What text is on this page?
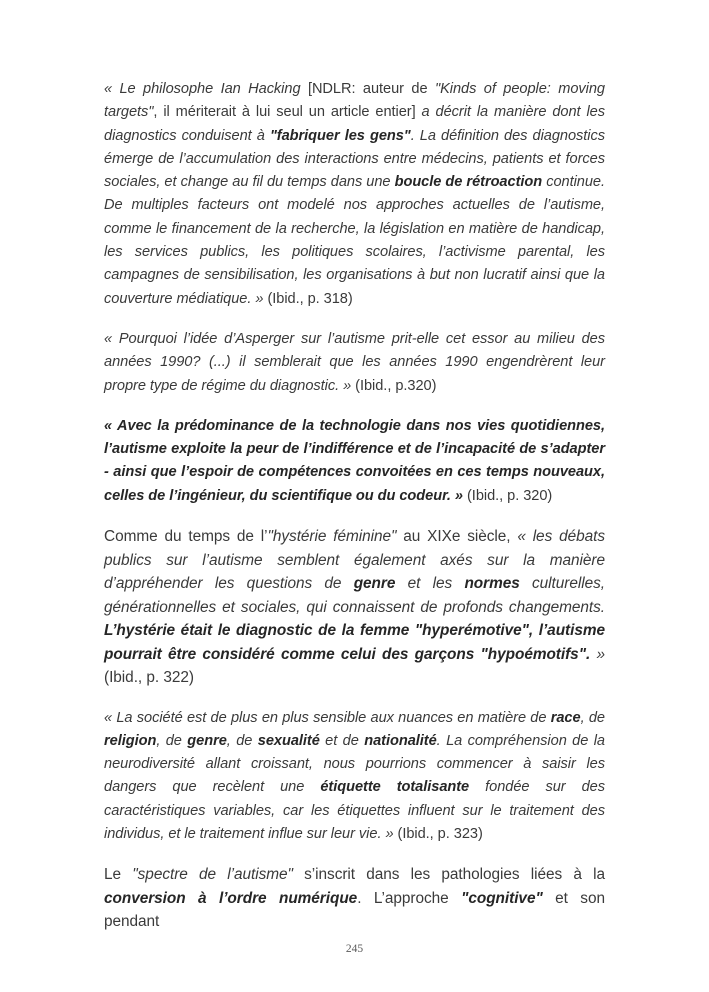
« Le philosophe Ian Hacking [NDLR: auteur de "Kinds of people: moving targets", il mériterait à lui seul un article entier] a décrit la manière dont les diagnostics conduisent à "fabriquer les gens". La définition des diagnostics émerge de l’accumulation des interactions entre médecins, patients et forces sociales, et change au fil du temps dans une boucle de rétroaction continue. De multiples facteurs ont modelé nos approches actuelles de l’autisme, comme le financement de la recherche, la législation en matière de handicap, les services publics, les politiques scolaires, l’activisme parental, les campagnes de sensibilisation, les organisations à but non lucratif ainsi que la couverture médiatique. » (Ibid., p. 318)

« Pourquoi l’idée d’Asperger sur l’autisme prit-elle cet essor au milieu des années 1990? (...) il semblerait que les années 1990 engendrèrent leur propre type de régime du diagnostic. » (Ibid., p.320)

« Avec la prédominance de la technologie dans nos vies quotidiennes, l’autisme exploite la peur de l’indifférence et de l’incapacité de s’adapter - ainsi que l’espoir de compétences convoitées en ces temps nouveaux, celles de l’ingénieur, du scientifique ou du codeur. » (Ibid., p. 320)

Comme du temps de l’"hystérie féminine" au XIXe siècle, « les débats publics sur l’autisme semblent également axés sur la manière d’appréhender les questions de genre et les normes culturelles, générationnelles et sociales, qui connaissent de profonds changements. L’hystérie était le diagnostic de la femme "hyperémotive", l’autisme pourrait être considéré comme celui des garçons "hypoémotifs". » (Ibid., p. 322)

« La société est de plus en plus sensible aux nuances en matière de race, de religion, de genre, de sexualité et de nationalité. La compréhension de la neurodiversité allant croissant, nous pourrions commencer à saisir les dangers que recèlent une étiquette totalisante fondée sur des caractéristiques variables, car les étiquettes influent sur le traitement des individus, et le traitement influe sur leur vie. » (Ibid., p. 323)

Le "spectre de l’autisme" s’inscrit dans les pathologies liées à la conversion à l’ordre numérique. L’approche "cognitive" et son pendant

245
